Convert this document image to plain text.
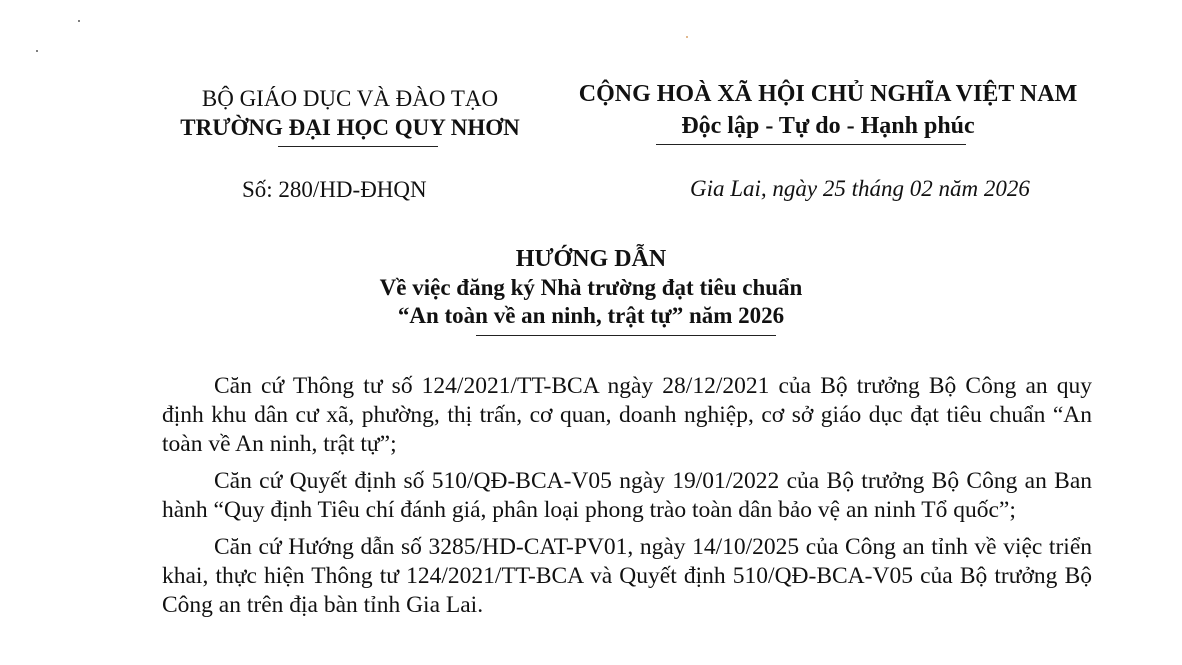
BỘ GIÁO DỤC VÀ ĐÀO TẠO
TRƯỜNG ĐẠI HỌC QUY NHƠN
CỘNG HOÀ XÃ HỘI CHỦ NGHĨA VIỆT NAM
Độc lập - Tự do - Hạnh phúc
Số: 280/HD-ĐHQN	Gia Lai, ngày 25 tháng 02 năm 2026
HƯỚNG DẪN
Về việc đăng ký Nhà trường đạt tiêu chuẩn
“An toàn về an ninh, trật tự” năm 2026

Căn cứ Thông tư số 124/2021/TT-BCA ngày 28/12/2021 của Bộ trưởng Bộ Công an quy định khu dân cư xã, phường, thị trấn, cơ quan, doanh nghiệp, cơ sở giáo dục đạt tiêu chuẩn “An toàn về An ninh, trật tự”;

Căn cứ Quyết định số 510/QĐ-BCA-V05 ngày 19/01/2022 của Bộ trưởng Bộ Công an Ban hành “Quy định Tiêu chí đánh giá, phân loại phong trào toàn dân bảo vệ an ninh Tổ quốc”;

Căn cứ Hướng dẫn số 3285/HD-CAT-PV01, ngày 14/10/2025 của Công an tỉnh về việc triển khai, thực hiện Thông tư 124/2021/TT-BCA và Quyết định 510/QĐ-BCA-V05 của Bộ trưởng Bộ Công an trên địa bàn tỉnh Gia Lai.
